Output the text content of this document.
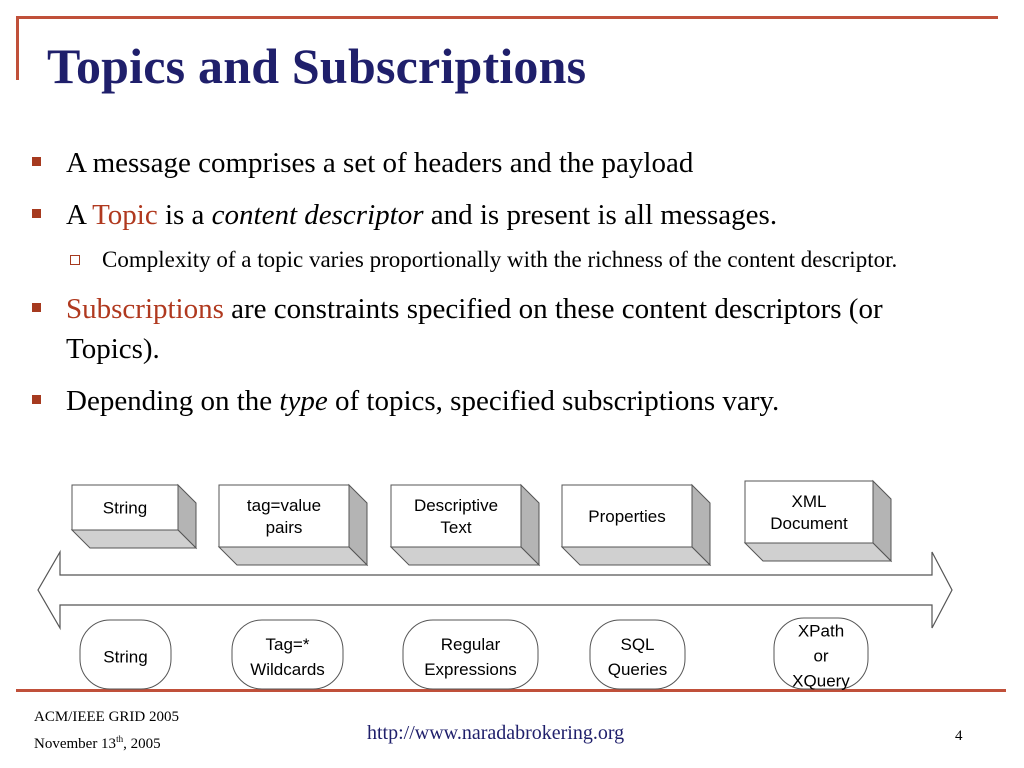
Topics and Subscriptions
A message comprises a set of headers and the payload
A Topic is a content descriptor and is present is all messages.
Complexity of a topic varies proportionally with the richness of the content descriptor.
Subscriptions are constraints specified on these content descriptors (or Topics).
Depending on the type of topics, specified subscriptions vary.
String	tag=value
pairs
Descriptive
Text
Properties
XML
Document
String
Tag=*
Wildcards
Regular
Expressions
SQL
Queries
XPath
or
XQuery
ACM/IEEE GRID 2005
November 13th, 2005	http://www.naradabrokering.org	4
